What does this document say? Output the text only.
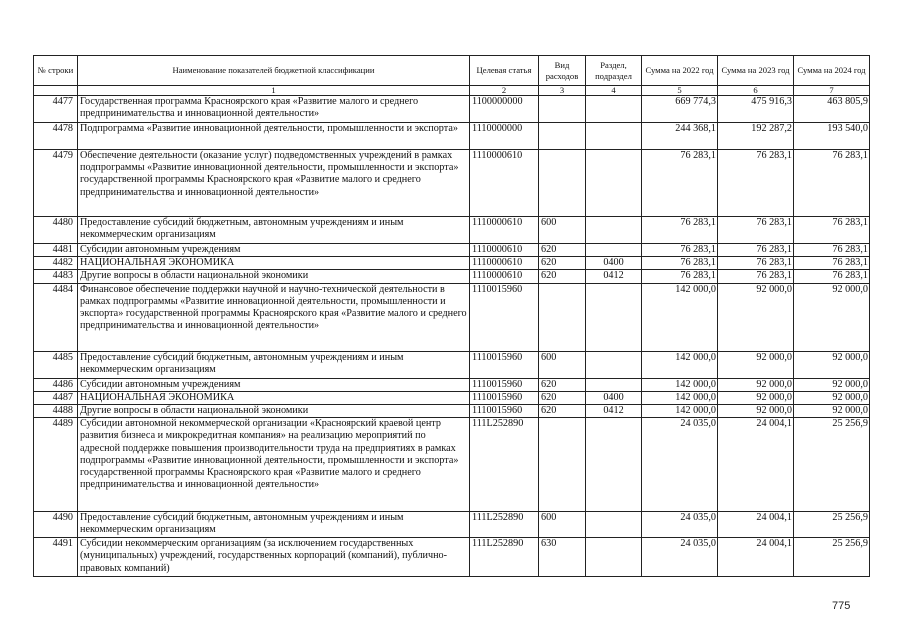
№ строки	Наименование показателей бюджетной классификации	Целевая статья	Вид расходов	Раздел, подраздел	Сумма на 2022 год	Сумма на 2023 год	Сумма на 2024 год
	1	2	3	4	5	6	7
4477	Государственная программа Красноярского края «Развитие малого и среднего предпринимательства и инновационной деятельности»	1100000000			669 774,3	475 916,3	463 805,9
4478	Подпрограмма «Развитие инновационной деятельности, промышленности и экспорта»	1110000000			244 368,1	192 287,2	193 540,0
4479	Обеспечение деятельности (оказание услуг) подведомственных учреждений в рамках подпрограммы «Развитие инновационной деятельности, промышленности и экспорта» государственной программы Красноярского края «Развитие малого и среднего предпринимательства и инновационной деятельности»	1110000610			76 283,1	76 283,1	76 283,1
4480	Предоставление субсидий бюджетным, автономным учреждениям и иным некоммерческим организациям	1110000610	600		76 283,1	76 283,1	76 283,1
4481	Субсидии автономным учреждениям	1110000610	620		76 283,1	76 283,1	76 283,1
4482	НАЦИОНАЛЬНАЯ ЭКОНОМИКА	1110000610	620	0400	76 283,1	76 283,1	76 283,1
4483	Другие вопросы в области национальной экономики	1110000610	620	0412	76 283,1	76 283,1	76 283,1
4484	Финансовое обеспечение поддержки научной и научно-технической деятельности в рамках подпрограммы «Развитие инновационной деятельности, промышленности и экспорта» государственной программы Красноярского края «Развитие малого и среднего предпринимательства и инновационной деятельности»	1110015960			142 000,0	92 000,0	92 000,0
4485	Предоставление субсидий бюджетным, автономным учреждениям и иным некоммерческим организациям	1110015960	600		142 000,0	92 000,0	92 000,0
4486	Субсидии автономным учреждениям	1110015960	620		142 000,0	92 000,0	92 000,0
4487	НАЦИОНАЛЬНАЯ ЭКОНОМИКА	1110015960	620	0400	142 000,0	92 000,0	92 000,0
4488	Другие вопросы в области национальной экономики	1110015960	620	0412	142 000,0	92 000,0	92 000,0
4489	Субсидии автономной некоммерческой организации «Красноярский краевой центр развития бизнеса и микрокредитная компания» на реализацию мероприятий по адресной поддержке повышения производительности труда на предприятиях в рамках подпрограммы «Развитие инновационной деятельности, промышленности и экспорта» государственной программы Красноярского края «Развитие малого и среднего предпринимательства и инновационной деятельности»	111L252890			24 035,0	24 004,1	25 256,9
4490	Предоставление субсидий бюджетным, автономным учреждениям и иным некоммерческим организациям	111L252890	600		24 035,0	24 004,1	25 256,9
4491	Субсидии некоммерческим организациям (за исключением государственных (муниципальных) учреждений, государственных корпораций (компаний), публично-правовых компаний)	111L252890	630		24 035,0	24 004,1	25 256,9
775
